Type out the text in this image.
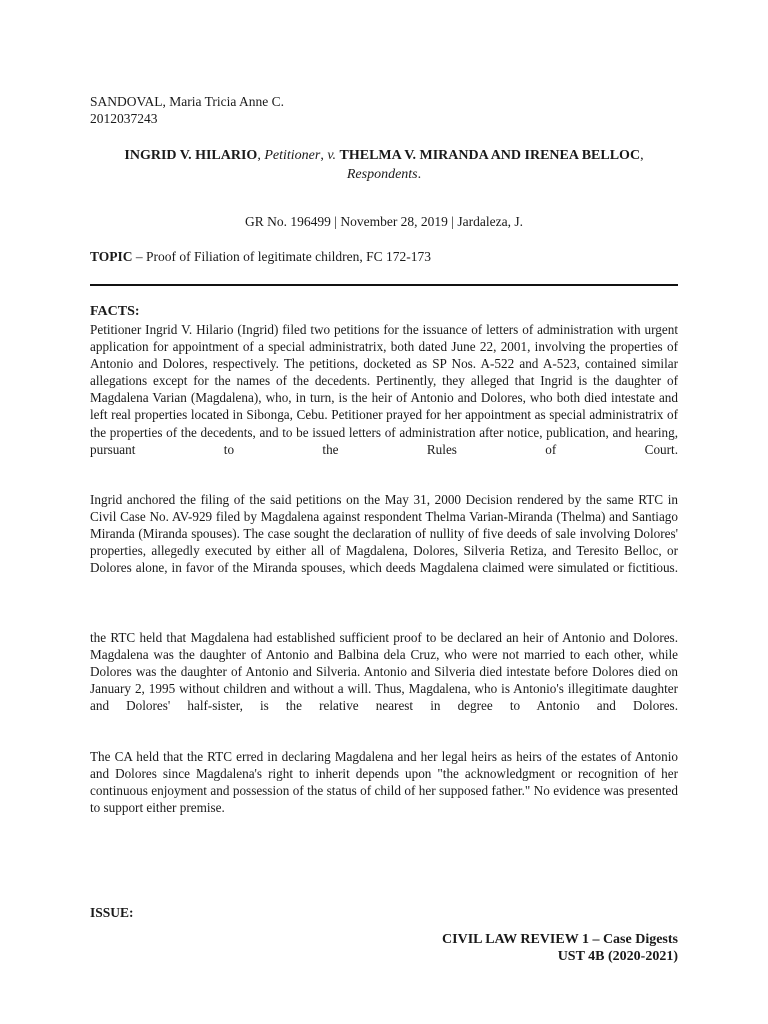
SANDOVAL, Maria Tricia Anne C.
2012037243
INGRID V. HILARIO, Petitioner, v. THELMA V. MIRANDA AND IRENEA BELLOC, Respondents.
GR No. 196499 | November 28, 2019 | Jardaleza, J.
TOPIC – Proof of Filiation of legitimate children, FC 172-173
FACTS:

Petitioner Ingrid V. Hilario (Ingrid) filed two petitions for the issuance of letters of administration with urgent application for appointment of a special administratrix, both dated June 22, 2001, involving the properties of Antonio and Dolores, respectively. The petitions, docketed as SP Nos. A-522 and A-523, contained similar allegations except for the names of the decedents. Pertinently, they alleged that Ingrid is the daughter of Magdalena Varian (Magdalena), who, in turn, is the heir of Antonio and Dolores, who both died intestate and left real properties located in Sibonga, Cebu. Petitioner prayed for her appointment as special administratrix of the properties of the decedents, and to be issued letters of administration after notice, publication, and hearing, pursuant to the Rules of Court.

Ingrid anchored the filing of the said petitions on the May 31, 2000 Decision rendered by the same RTC in Civil Case No. AV-929 filed by Magdalena against respondent Thelma Varian-Miranda (Thelma) and Santiago Miranda (Miranda spouses). The case sought the declaration of nullity of five deeds of sale involving Dolores' properties, allegedly executed by either all of Magdalena, Dolores, Silveria Retiza, and Teresito Belloc, or Dolores alone, in favor of the Miranda spouses, which deeds Magdalena claimed were simulated or fictitious.

the RTC held that Magdalena had established sufficient proof to be declared an heir of Antonio and Dolores. Magdalena was the daughter of Antonio and Balbina dela Cruz, who were not married to each other, while Dolores was the daughter of Antonio and Silveria. Antonio and Silveria died intestate before Dolores died on January 2, 1995 without children and without a will. Thus, Magdalena, who is Antonio's illegitimate daughter and Dolores' half-sister, is the relative nearest in degree to Antonio and Dolores.

The CA held that the RTC erred in declaring Magdalena and her legal heirs as heirs of the estates of Antonio and Dolores since Magdalena's right to inherit depends upon "the acknowledgment or recognition of her continuous enjoyment and possession of the status of child of her supposed father." No evidence was presented to support either premise.

ISSUE:
CIVIL LAW REVIEW 1 – Case Digests
UST 4B (2020-2021)
